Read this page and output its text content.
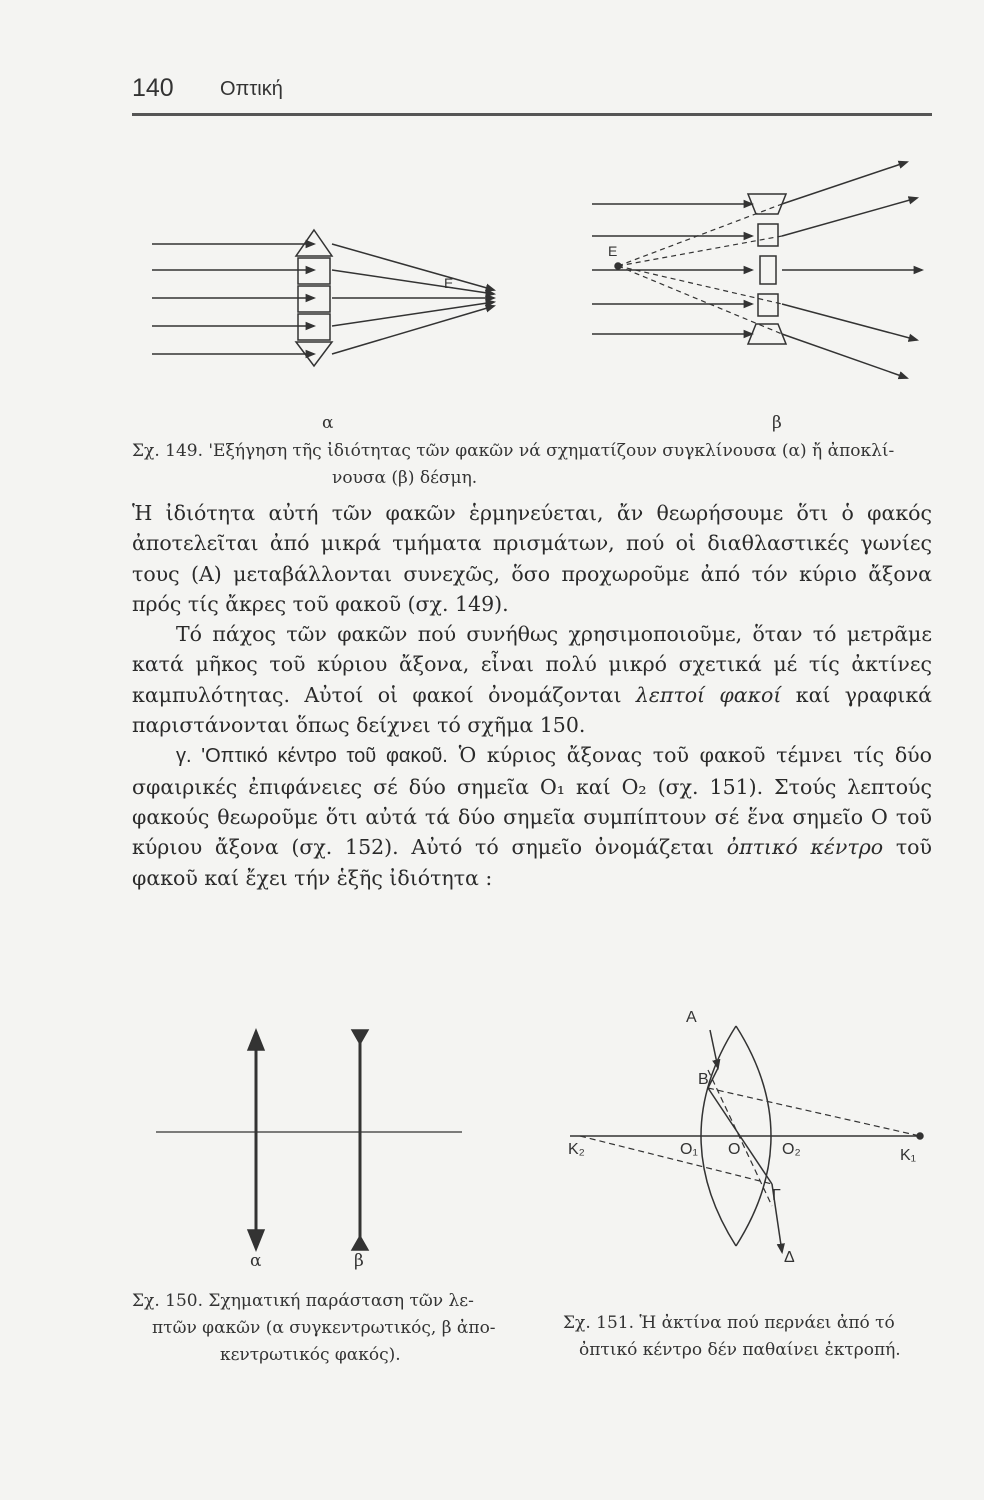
140 Οπτική
E
α
E
β
Σχ. 149. 'Εξήγηση τῆς ἰδιότητας τῶν φακῶν νά σχηματίζουν συγκλίνουσα (α) ἤ ἀποκλί-
νουσα (β) δέσμη.

Ἡ ἰδιότητα αὐτή τῶν φακῶν ἑρμηνεύεται, ἄν θεωρήσουμε ὅτι ὁ φακός ἀποτελεῖται ἀπό μικρά τμήματα πρισμάτων, πού οἱ διαθλαστικές γωνίες τους (Α) μεταβάλλονται συνεχῶς, ὅσο προχωροῦμε ἀπό τόν κύριο ἄξονα πρός τίς ἄκρες τοῦ φακοῦ (σχ. 149).

Τό πάχος τῶν φακῶν πού συνήθως χρησιμοποιοῦμε, ὅταν τό μετρᾶμε κατά μῆκος τοῦ κύριου ἄξονα, εἶναι πολύ μικρό σχετικά μέ τίς ἀκτίνες καμπυλότητας. Αὐτοί οἱ φακοί ὀνομάζονται λεπτοί φακοί καί γραφικά παριστάνονται ὅπως δείχνει τό σχῆμα 150.

γ. 'Οπτικό κέντρο τοῦ φακοῦ. Ὁ κύριος ἄξονας τοῦ φακοῦ τέμνει τίς δύο σφαιρικές ἐπιφάνειες σέ δύο σημεῖα O₁ καί O₂ (σχ. 151). Στούς λεπτούς φακούς θεωροῦμε ὅτι αὐτά τά δύο σημεῖα συμπίπτουν σέ ἕνα σημεῖο O τοῦ κύριου ἄξονα (σχ. 152). Αὐτό τό σημεῖο ὀνομάζεται ὀπτικό κέντρο τοῦ φακοῦ καί ἔχει τήν ἑξῆς ἰδιότητα :

α	β
Σχ. 150. Σχηματική παράσταση τῶν λε-
πτῶν φακῶν (α συγκεντρωτικός, β ἀπο-
κεντρωτικός φακός).
A
B
K₂	O₁ O	O₂	K₁
Γ
Δ
Σχ. 151. Ἡ ἀκτίνα πού περνάει ἀπό τό
ὀπτικό κέντρο δέν παθαίνει ἐκτροπή.
